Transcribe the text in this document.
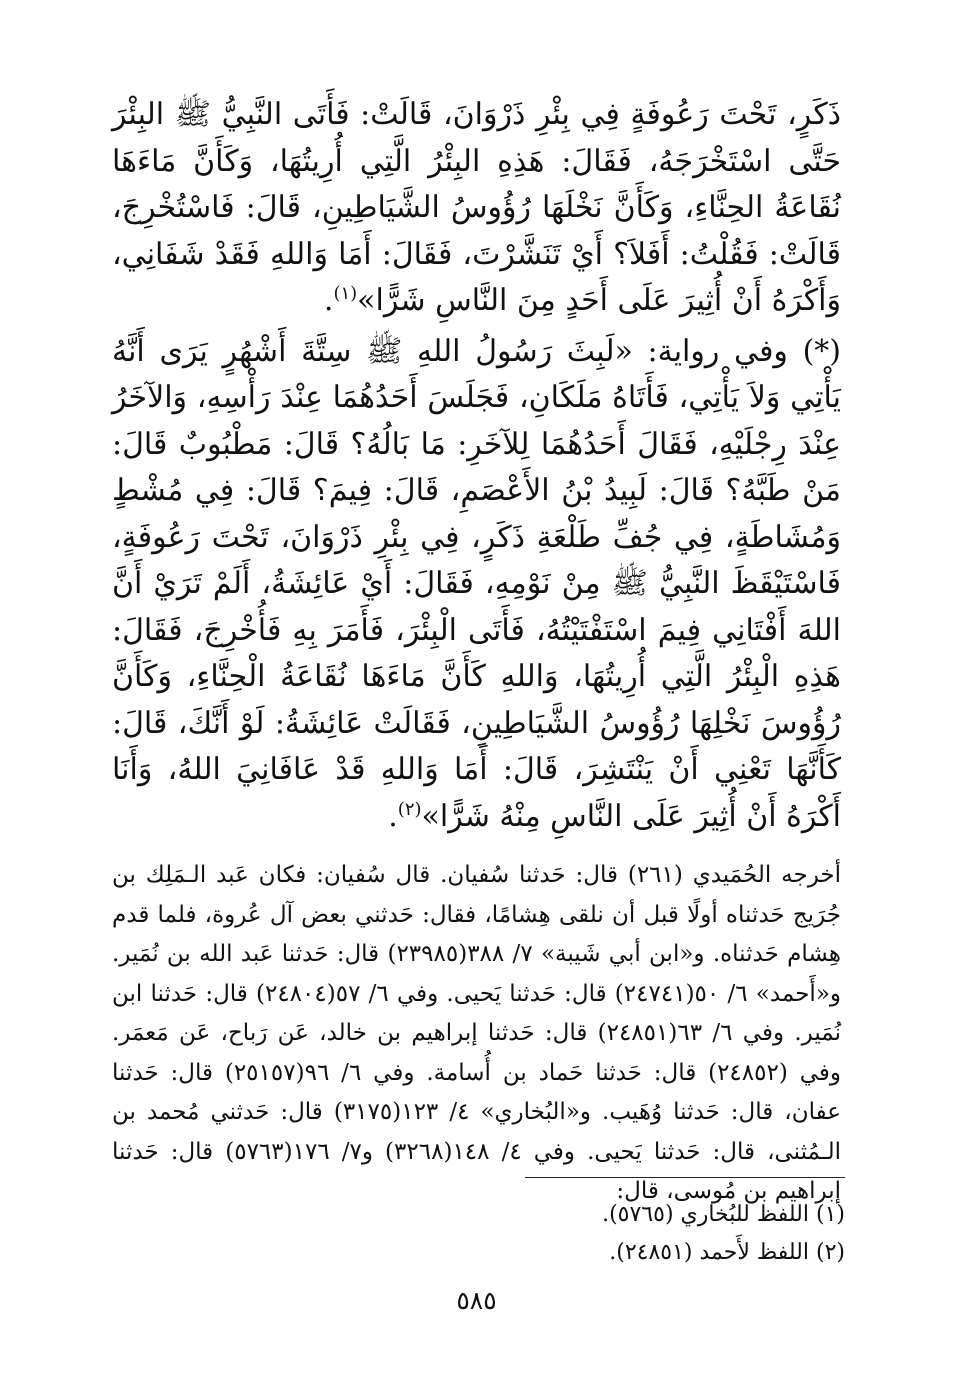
ذَكَرٍ، تَحْتَ رَعُوفَةٍ فِي بِئْرِ ذَرْوَانَ، قَالَتْ: فَأَتَى النَّبِيُّ ﷺ البِئْرَ حَتَّى اسْتَخْرَجَهُ، فَقَالَ: هَذِهِ البِئْرُ الَّتِي أُرِيتُهَا، وَكَأَنَّ مَاءَهَا نُقَاعَةُ الحِنَّاءِ، وَكَأَنَّ نَخْلَهَا رُؤُوسُ الشَّيَاطِينِ، قَالَ: فَاسْتُخْرِجَ، قَالَتْ: فَقُلْتُ: أَفَلاَ؟ أَيْ تَنَشَّرْتَ، فَقَالَ: أَمَا وَاللهِ فَقَدْ شَفَانِي، وَأَكْرَهُ أَنْ أُثِيرَ عَلَى أَحَدٍ مِنَ النَّاسِ شَرًّا»$^{(١)}$.

(*) وفي رواية: «لَبِثَ رَسُولُ اللهِ ﷺ سِتَّةَ أَشْهُرٍ يَرَى أَنَّهُ يَأْتِي وَلاَ يَأْتِي، فَأَتَاهُ مَلَكَانِ، فَجَلَسَ أَحَدُهُمَا عِنْدَ رَأْسِهِ، وَالآخَرُ عِنْدَ رِجْلَيْهِ، فَقَالَ أَحَدُهُمَا لِلآخَرِ: مَا بَالُهُ؟ قَالَ: مَطْبُوبٌ قَالَ: مَنْ طَبَّهُ؟ قَالَ: لَبِيدُ بْنُ الأَعْصَمِ، قَالَ: فِيمَ؟ قَالَ: فِي مُشْطٍ وَمُشَاطَةٍ، فِي جُفِّ طَلْعَةِ ذَكَرٍ، فِي بِئْرِ ذَرْوَانَ، تَحْتَ رَعُوفَةٍ، فَاسْتَيْقَظَ النَّبِيُّ ﷺ مِنْ نَوْمِهِ، فَقَالَ: أَيْ عَائِشَةُ، أَلَمْ تَرَيْ أَنَّ اللهَ أَفْتَانِي فِيمَ اسْتَفْتَيْتُهُ، فَأَتَى الْبِئْرَ، فَأَمَرَ بِهِ فَأُخْرِجَ، فَقَالَ: هَذِهِ الْبِئْرُ الَّتِي أُرِيتُهَا، وَاللهِ كَأَنَّ مَاءَهَا نُقَاعَةُ الْحِنَّاءِ، وَكَأَنَّ رُؤُوسَ نَخْلِهَا رُؤُوسُ الشَّيَاطِينِ، فَقَالَتْ عَائِشَةُ: لَوْ أَنَّكَ، قَالَ: كَأَنَّهَا تَعْنِي أَنْ يَنْتَشِرَ، قَالَ: أَمَا وَاللهِ قَدْ عَافَانِيَ اللهُ، وَأَنَا أَكْرَهُ أَنْ أُثِيرَ عَلَى النَّاسِ مِنْهُ شَرًّا»$^{(٢)}$.

أخرجه الحُمَيدي (٢٦١) قال: حَدثنا سُفيان. قال سُفيان: فكان عَبد الـمَلِك بن جُرَيج حَدثناه أولًا قبل أن نلقى هِشامًا، فقال: حَدثني بعض آل عُروة، فلما قدم هِشام حَدثناه. و«ابن أبي شَيبة» ٧/ ٣٨٨(٢٣٩٨٥) قال: حَدثنا عَبد الله بن نُمَير. و«أَحمد» ٦/ ٥٠(٢٤٧٤١) قال: حَدثنا يَحيى. وفي ٦/ ٥٧(٢٤٨٠٤) قال: حَدثنا ابن نُمَير. وفي ٦/ ٦٣(٢٤٨٥١) قال: حَدثنا إبراهيم بن خالد، عَن رَباح، عَن مَعمَر. وفي (٢٤٨٥٢) قال: حَدثنا حَماد بن أُسامة. وفي ٦/ ٩٦(٢٥١٥٧) قال: حَدثنا عفان، قال: حَدثنا وُهَيب. و«البُخاري» ٤/ ١٢٣(٣١٧٥) قال: حَدثني مُحمد بن الـمُثنى، قال: حَدثنا يَحيى. وفي ٤/ ١٤٨(٣٢٦٨) و٧/ ١٧٦(٥٧٦٣) قال: حَدثنا إبراهيم بن مُوسى، قال:

(١) اللفظ للبُخاري (٥٧٦٥).
(٢) اللفظ لأَحمد (٢٤٨٥١).
٥٨٥
